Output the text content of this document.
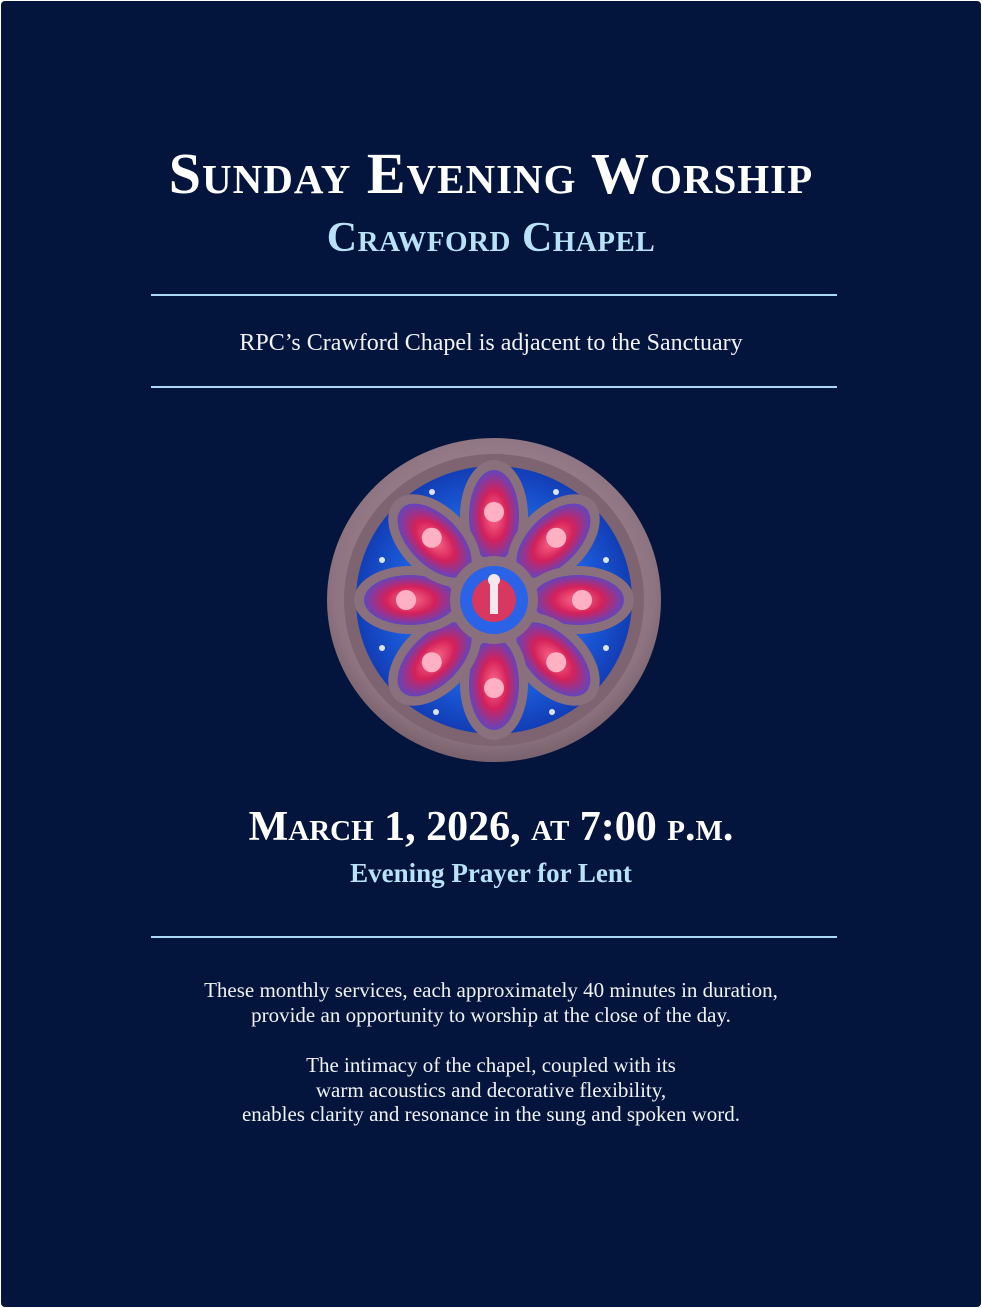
Sunday Evening Worship
Crawford Chapel
RPC’s Crawford Chapel is adjacent to the Sanctuary
March 1, 2026, at 7:00 p.m.
Evening Prayer for Lent
These monthly services, each approximately 40 minutes in duration,
provide an opportunity to worship at the close of the day.
The intimacy of the chapel, coupled with its
warm acoustics and decorative flexibility,
enables clarity and resonance in the sung and spoken word.
